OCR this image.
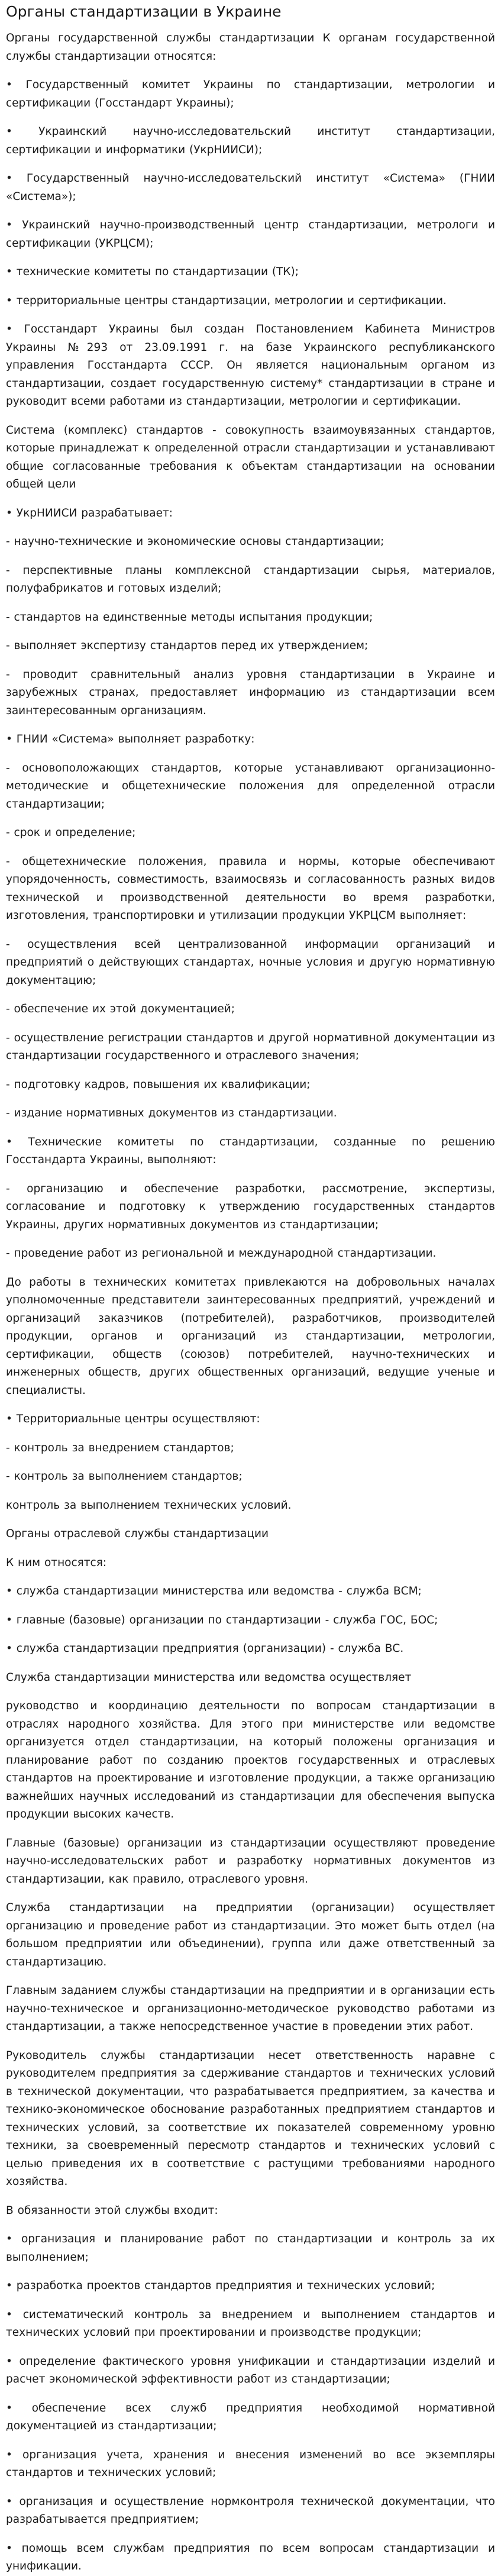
Органы стандартизации в Украине

Органы государственной службы стандартизации К органам государственной службы стандартизации относятся:

• Государственный комитет Украины по стандартизации, метрологии и сертификации (Госстандарт Украины);

• Украинский научно-исследовательский институт стандартизации, сертификации и информатики (УкрНИИСИ);

• Государственный научно-исследовательский институт «Система» (ГНИИ «Система»);

• Украинский научно-производственный центр стандартизации, метрологи и сертификации (УКРЦСМ);

• технические комитеты по стандартизации (ТК);

• территориальные центры стандартизации, метрологии и сертификации.

• Госстандарт Украины был создан Постановлением Кабинета Министров Украины №293 от 23.09.1991 г. на базе Украинского республиканского управления Госстандарта СССР. Он является национальным органом из стандартизации, создает государственную систему* стандартизации в стране и руководит всеми работами из стандартизации, метрологии и сертификации.

Система (комплекс) стандартов - совокупность взаимоувязанных стандартов, которые принадлежат к определенной отрасли стандартизации и устанавливают общие согласованные требования к объектам стандартизации на основании общей цели

• УкрНИИСИ разрабатывает:

- научно-технические и экономические основы стандартизации;

- перспективные планы комплексной стандартизации сырья, материалов, полуфабрикатов и готовых изделий;

- стандартов на единственные методы испытания продукции;

- выполняет экспертизу стандартов перед их утверждением;

- проводит сравнительный анализ уровня стандартизации в Украине и зарубежных странах, предоставляет информацию из стандартизации всем заинтересованным организациям.

• ГНИИ «Система» выполняет разработку:

- основоположающих стандартов, которые устанавливают организационно-методические и общетехнические положения для определенной отрасли стандартизации;

- срок и определение;

- общетехнические положения, правила и нормы, которые обеспечивают упорядоченность, совместимость, взаимосвязь и согласованность разных видов технической и производственной деятельности во время разработки, изготовления, транспортировки и утилизации продукции УКРЦСМ выполняет:

- осуществления всей централизованной информации организаций и предприятий о действующих стандартах, ночные условия и другую нормативную документацию;

- обеспечение их этой документацией;

- осуществление регистрации стандартов и другой нормативной документации из стандартизации государственного и отраслевого значения;

- подготовку кадров, повышения их квалификации;

- издание нормативных документов из стандартизации.

• Технические комитеты по стандартизации, созданные по решению Госстандарта Украины, выполняют:

- организацию и обеспечение разработки, рассмотрение, экспертизы, согласование и подготовку к утверждению государственных стандартов Украины, других нормативных документов из стандартизации;

- проведение работ из региональной и международной стандартизации.

До работы в технических комитетах привлекаются на добровольных началах уполномоченные представители заинтересованных предприятий, учреждений и организаций заказчиков (потребителей), разработчиков, производителей продукции, органов и организаций из стандартизации, метрологии, сертификации, обществ (союзов) потребителей, научно-технических и инженерных обществ, других общественных организаций, ведущие ученые и специалисты.

• Территориальные центры осуществляют:

- контроль за внедрением стандартов;

- контроль за выполнением стандартов;

контроль за выполнением технических условий.

Органы отраслевой службы стандартизации

К ним относятся:

• служба стандартизации министерства или ведомства - служба ВСМ;

• главные (базовые) организации по стандартизации - служба ГОС, БОС;

• служба стандартизации предприятия (организации) - служба ВС.

Служба стандартизации министерства или ведомства осуществляет

руководство и координацию деятельности по вопросам стандартизации в отраслях народного хозяйства. Для этого при министерстве или ведомстве организуется отдел стандартизации, на который положены организация и планирование работ по созданию проектов государственных и отраслевых стандартов на проектирование и изготовление продукции, а также организацию важнейших научных исследований из стандартизации для обеспечения выпуска продукции высоких качеств.

Главные (базовые) организации из стандартизации осуществляют проведение научно-исследовательских работ и разработку нормативных документов из стандартизации, как правило, отраслевого уровня.

Служба стандартизации на предприятии (организации) осуществляет организацию и проведение работ из стандартизации. Это может быть отдел (на большом предприятии или объединении), группа или даже ответственный за стандартизацию.

Главным заданием службы стандартизации на предприятии и в организации есть научно-техническое и организационно-методическое руководство работами из стандартизации, а также непосредственное участие в проведении этих работ.

Руководитель службы стандартизации несет ответственность наравне с руководителем предприятия за сдерживание стандартов и технических условий в технической документации, что разрабатывается предприятием, за качества и технико-экономическое обоснование разработанных предприятием стандартов и технических условий, за соответствие их показателей современному уровню техники, за своевременный пересмотр стандартов и технических условий с целью приведения их в соответствие с растущими требованиями народного хозяйства.

В обязанности этой службы входит:

• организация и планирование работ по стандартизации и контроль за их выполнением;

• разработка проектов стандартов предприятия и технических условий;

• систематический контроль за внедрением и выполнением стандартов и технических условий при проектировании и производстве продукции;

• определение фактического уровня унификации и стандартизации изделий и расчет экономической эффективности работ из стандартизации;

• обеспечение всех служб предприятия необходимой нормативной документацией из стандартизации;

• организация учета, хранения и внесения изменений во все экземпляры стандартов и технических условий;

• организация и осуществление нормконтроля технической документации, что разрабатывается предприятием;

• помощь всем службам предприятия по всем вопросам стандартизации и унификации.
